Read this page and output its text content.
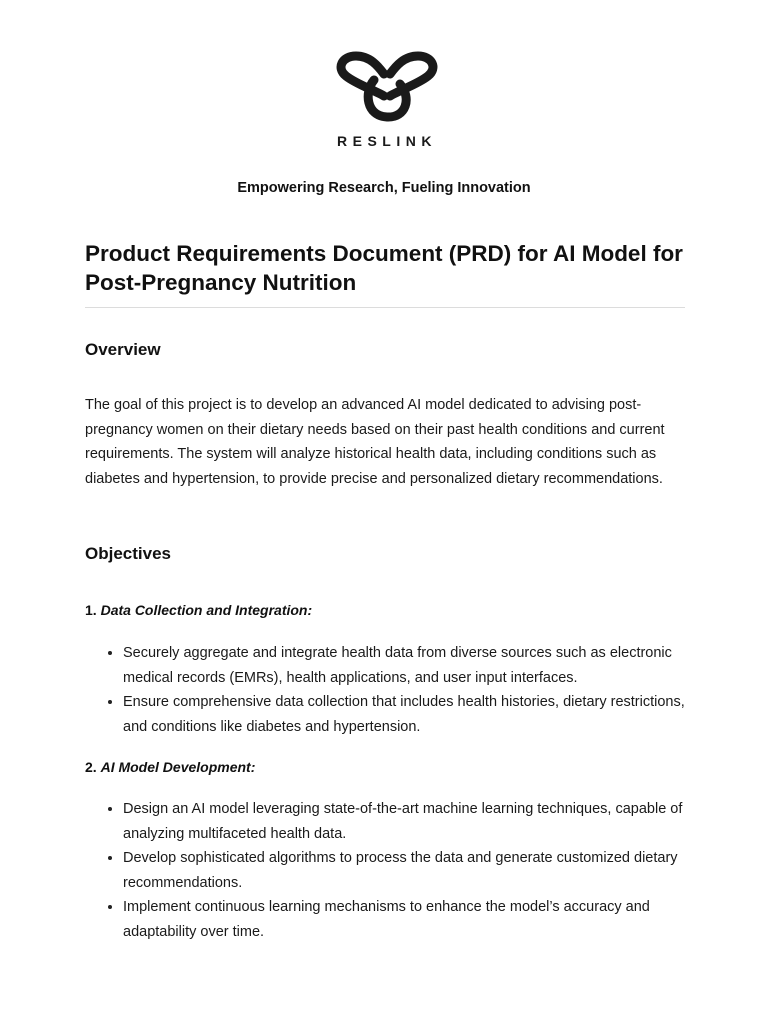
RESLINK
Empowering Research, Fueling Innovation
Product Requirements Document (PRD) for AI Model for Post-Pregnancy Nutrition
Overview

The goal of this project is to develop an advanced AI model dedicated to advising post-pregnancy women on their dietary needs based on their past health conditions and current requirements. The system will analyze historical health data, including conditions such as diabetes and hypertension, to provide precise and personalized dietary recommendations.

Objectives

1. Data Collection and Integration:

Securely aggregate and integrate health data from diverse sources such as electronic medical records (EMRs), health applications, and user input interfaces.
Ensure comprehensive data collection that includes health histories, dietary restrictions, and conditions like diabetes and hypertension.

2. AI Model Development:

Design an AI model leveraging state-of-the-art machine learning techniques, capable of analyzing multifaceted health data.
Develop sophisticated algorithms to process the data and generate customized dietary recommendations.
Implement continuous learning mechanisms to enhance the model’s accuracy and adaptability over time.
